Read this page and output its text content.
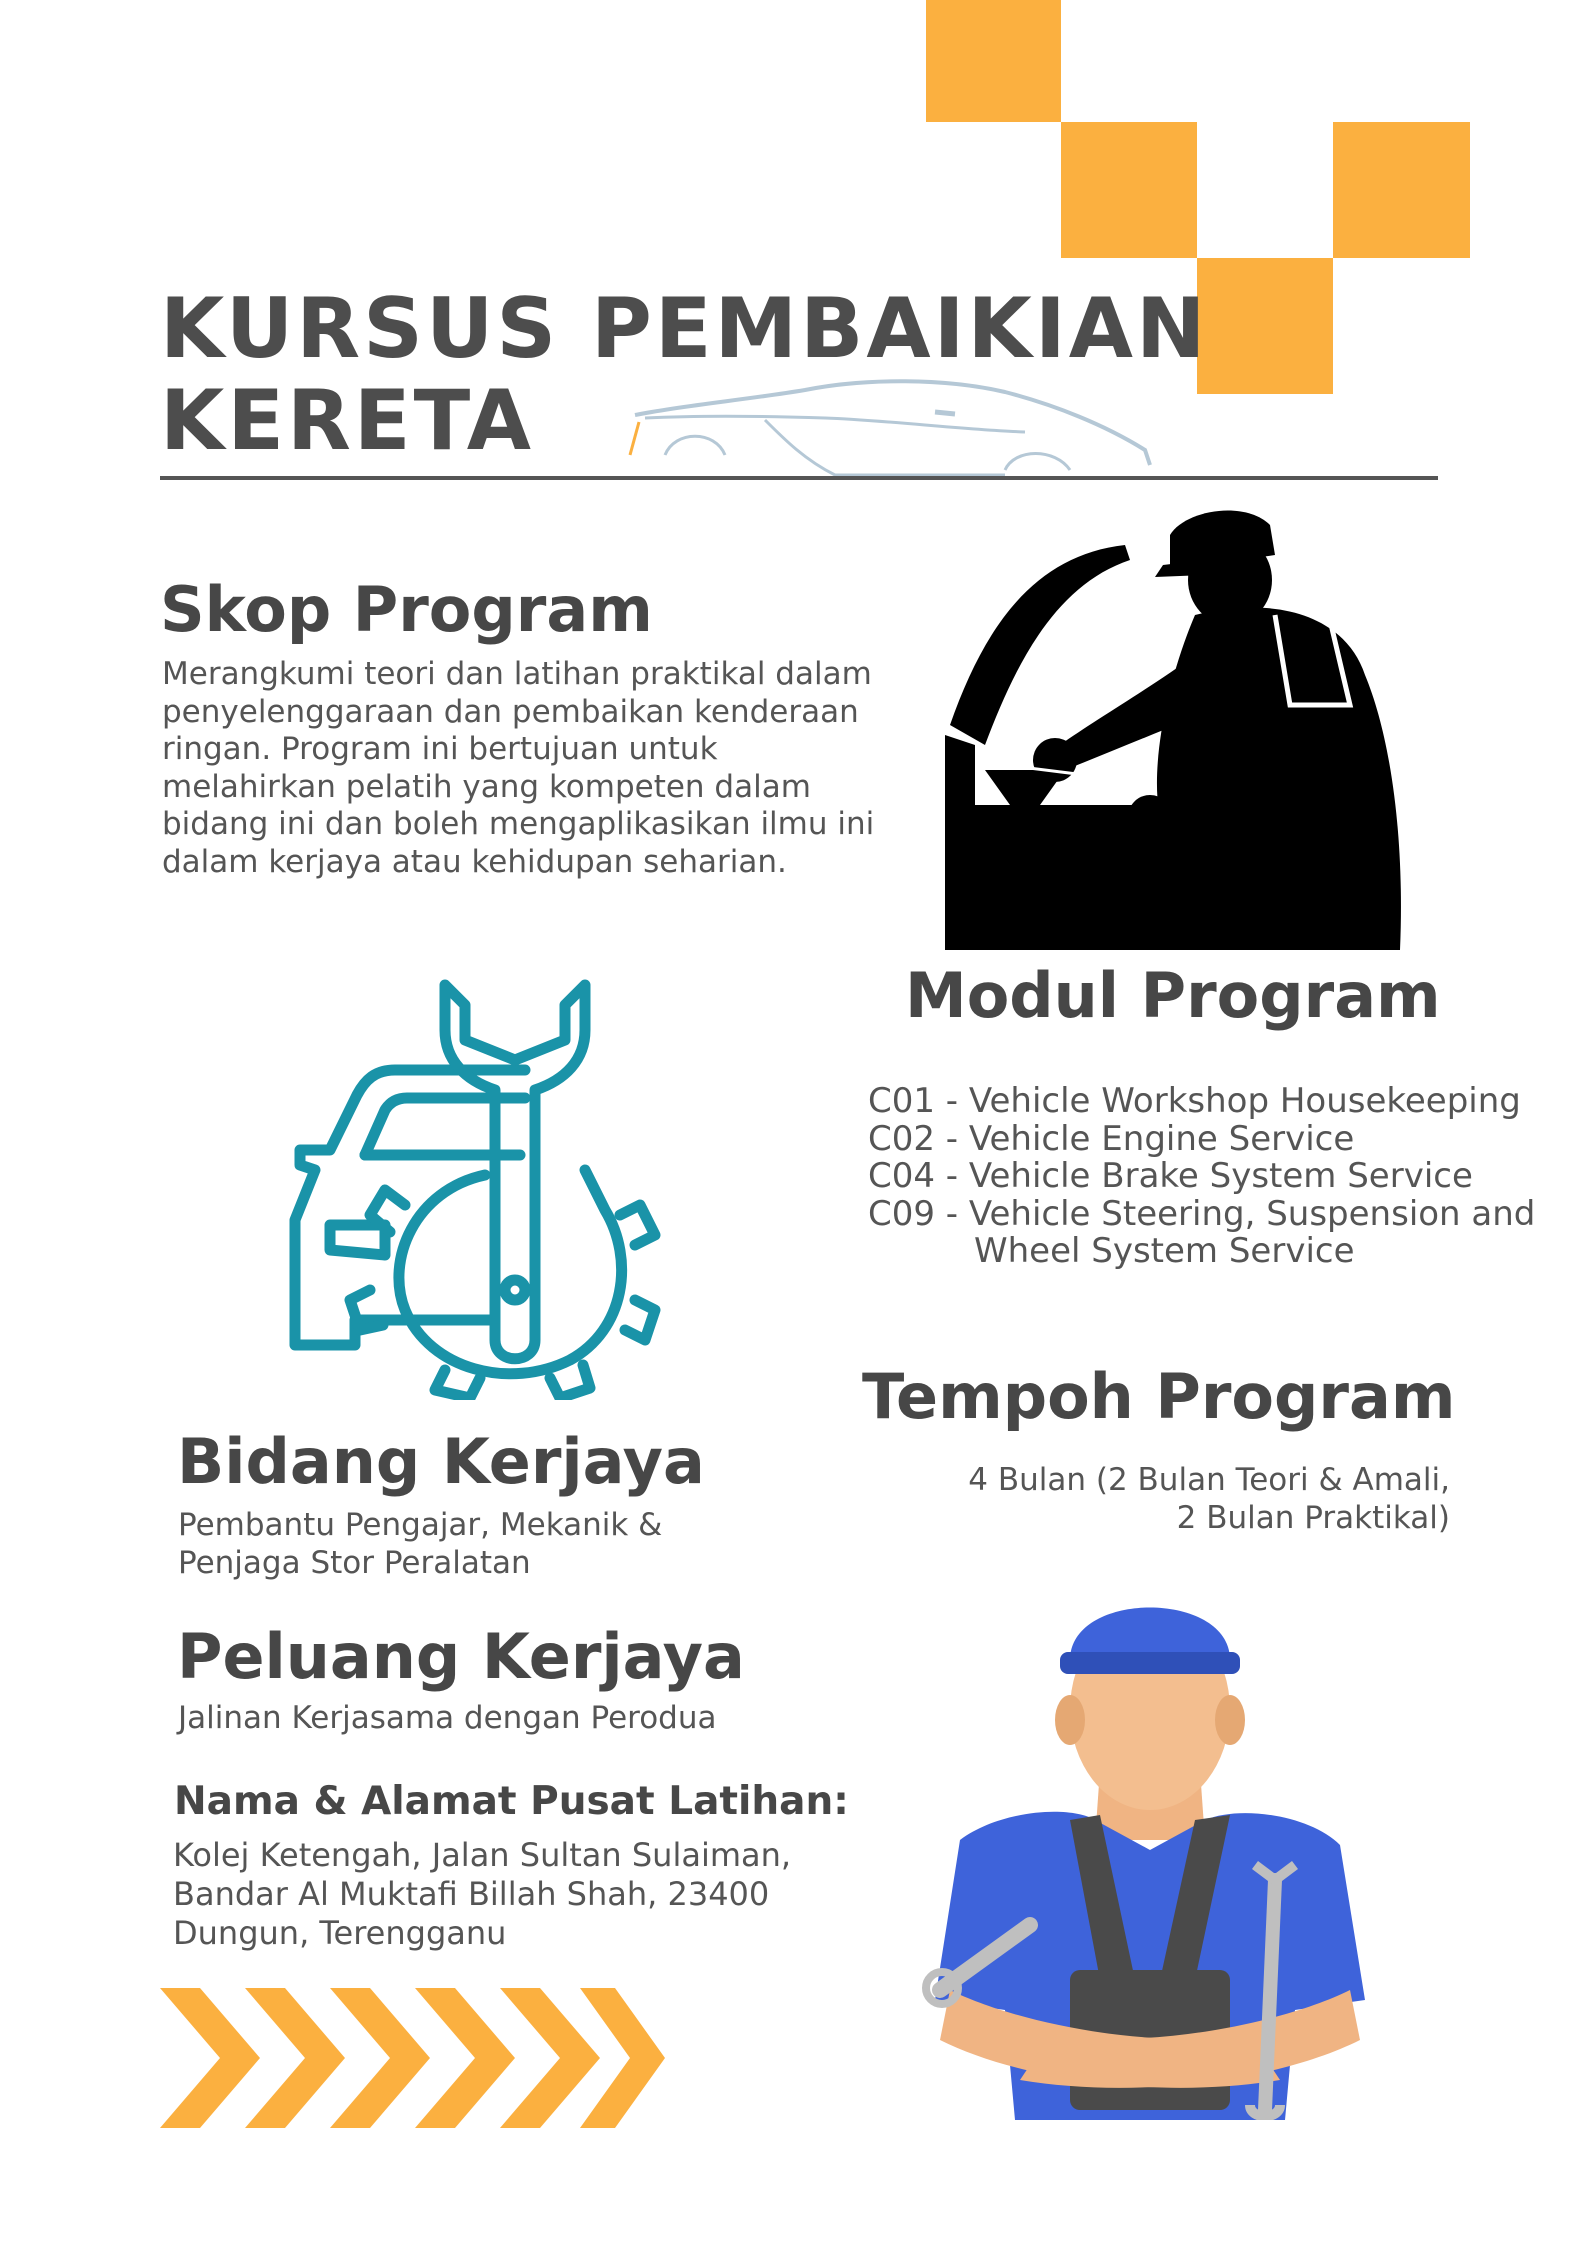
KURSUS PEMBAIKIAN
KERETA
Skop Program
Merangkumi teori dan latihan praktikal dalam
penyelenggaraan dan pembaikan kenderaan
ringan. Program ini bertujuan untuk
melahirkan pelatih yang kompeten dalam
bidang ini dan boleh mengaplikasikan ilmu ini
dalam kerjaya atau kehidupan seharian.
Modul Program
C01 - Vehicle Workshop Housekeeping
C02 - Vehicle Engine Service
C04 - Vehicle Brake System Service
C09 - Vehicle Steering, Suspension and
Wheel System Service
Tempoh Program
4 Bulan (2 Bulan Teori & Amali,
2 Bulan Praktikal)
Bidang Kerjaya
Pembantu Pengajar, Mekanik &
Penjaga Stor Peralatan
Peluang Kerjaya
Jalinan Kerjasama dengan Perodua
Nama & Alamat Pusat Latihan:
Kolej Ketengah, Jalan Sultan Sulaiman,
Bandar Al Muktafi Billah Shah, 23400
Dungun, Terengganu
